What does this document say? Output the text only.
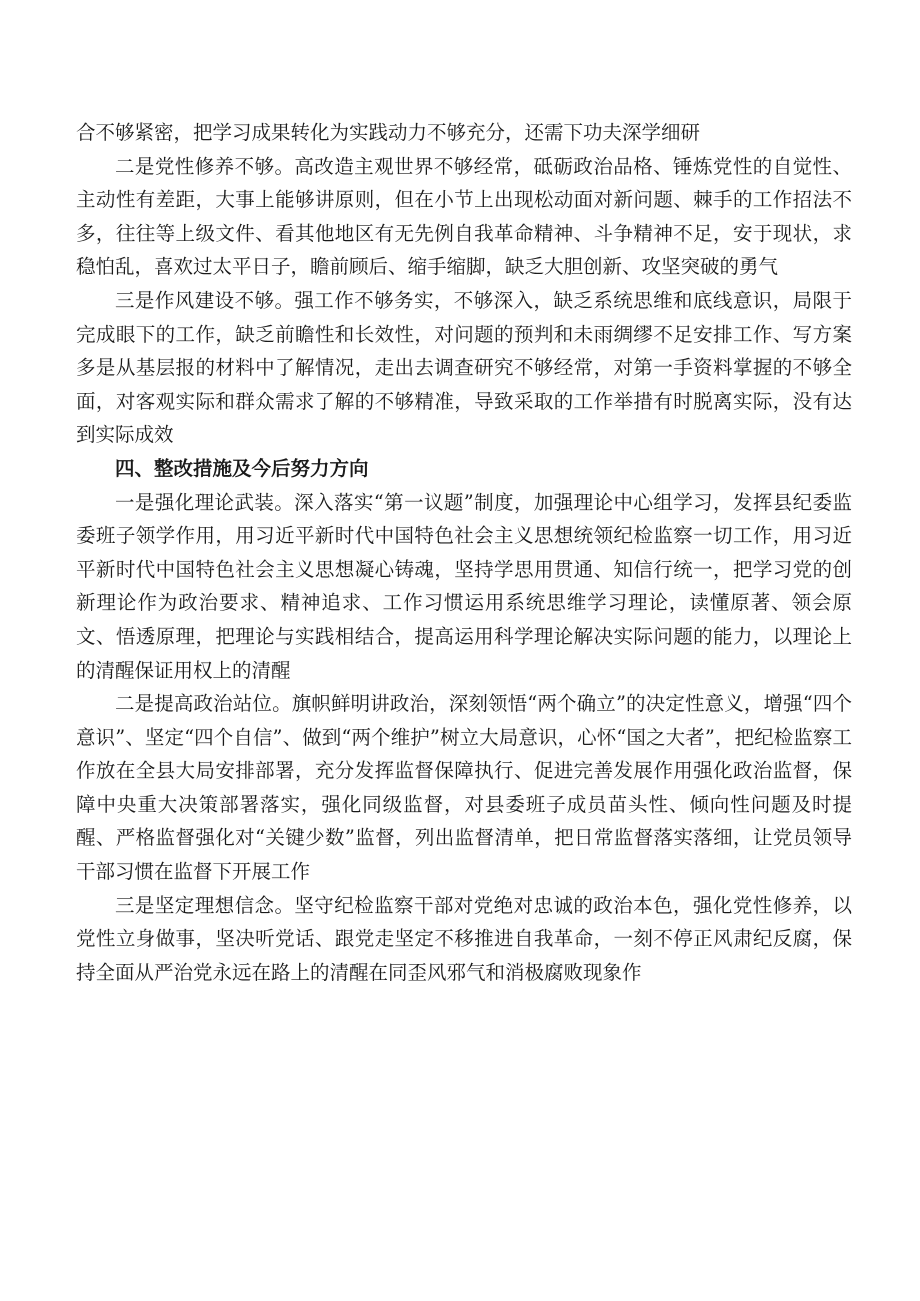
合不够紧密，把学习成果转化为实践动力不够充分，还需下功夫深学细研

二是党性修养不够。高改造主观世界不够经常，砥砺政治品格、锤炼党性的自觉性、主动性有差距，大事上能够讲原则，但在小节上出现松动面对新问题、棘手的工作招法不多，往往等上级文件、看其他地区有无先例自我革命精神、斗争精神不足，安于现状，求稳怕乱，喜欢过太平日子，瞻前顾后、缩手缩脚，缺乏大胆创新、攻坚突破的勇气

三是作风建设不够。强工作不够务实，不够深入，缺乏系统思维和底线意识，局限于完成眼下的工作，缺乏前瞻性和长效性，对问题的预判和未雨绸缪不足安排工作、写方案多是从基层报的材料中了解情况，走出去调查研究不够经常，对第一手资料掌握的不够全面，对客观实际和群众需求了解的不够精准，导致采取的工作举措有时脱离实际，没有达到实际成效

四、整改措施及今后努力方向

一是强化理论武装。深入落实“第一议题”制度，加强理论中心组学习，发挥县纪委监委班子领学作用，用习近平新时代中国特色社会主义思想统领纪检监察一切工作，用习近平新时代中国特色社会主义思想凝心铸魂，坚持学思用贯通、知信行统一，把学习党的创新理论作为政治要求、精神追求、工作习惯运用系统思维学习理论，读懂原著、领会原文、悟透原理，把理论与实践相结合，提高运用科学理论解决实际问题的能力，以理论上的清醒保证用权上的清醒

二是提高政治站位。旗帜鲜明讲政治，深刻领悟“两个确立”的决定性意义，增强“四个意识”、坚定“四个自信”、做到“两个维护”树立大局意识，心怀“国之大者”，把纪检监察工作放在全县大局安排部署，充分发挥监督保障执行、促进完善发展作用强化政治监督，保障中央重大决策部署落实，强化同级监督，对县委班子成员苗头性、倾向性问题及时提醒、严格监督强化对“关键少数”监督，列出监督清单，把日常监督落实落细，让党员领导干部习惯在监督下开展工作

三是坚定理想信念。坚守纪检监察干部对党绝对忠诚的政治本色，强化党性修养，以党性立身做事，坚决听党话、跟党走坚定不移推进自我革命，一刻不停正风肃纪反腐，保持全面从严治党永远在路上的清醒在同歪风邪气和消极腐败现象作
